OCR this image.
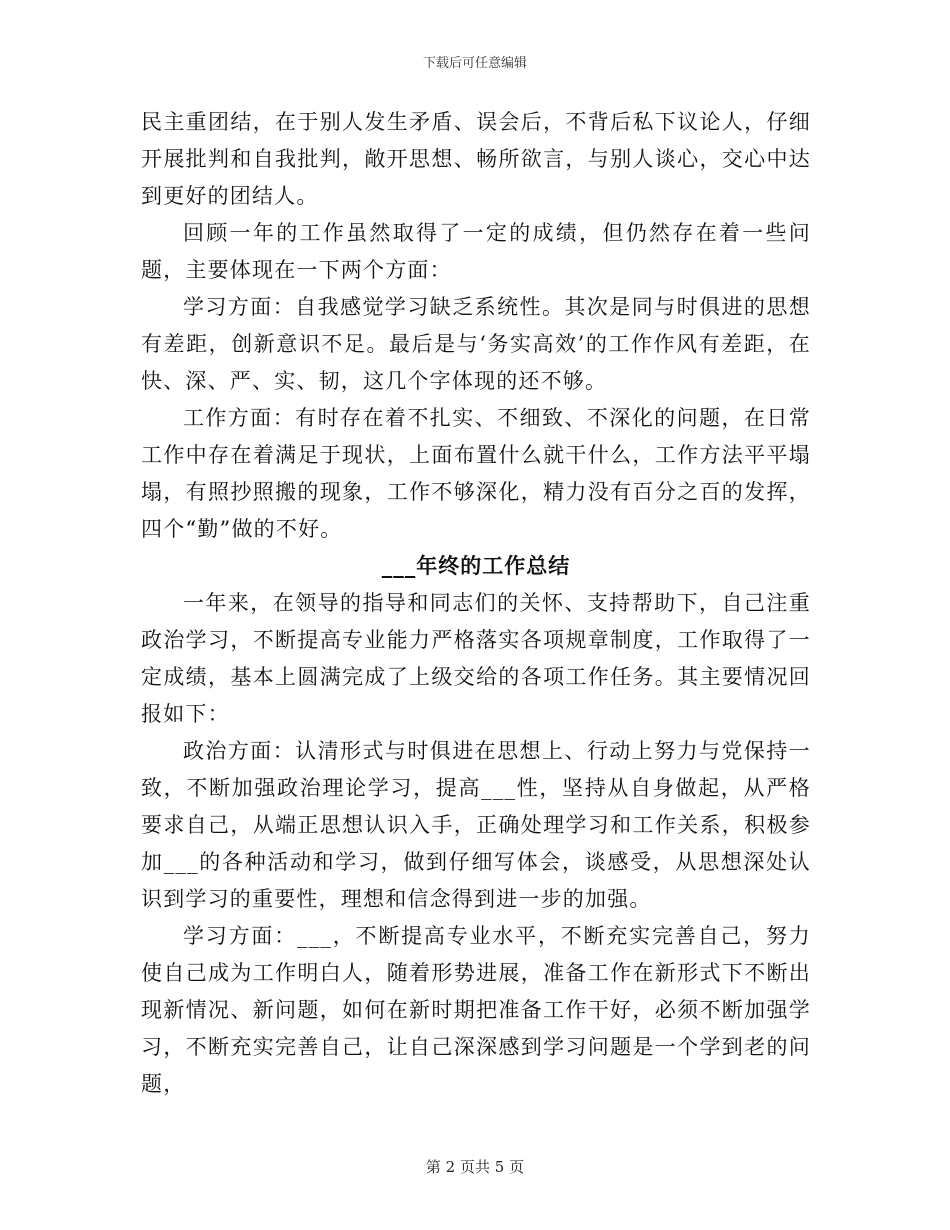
下载后可任意编辑

民主重团结，在于别人发生矛盾、误会后，不背后私下议论人，仔细开展批判和自我批判，敞开思想、畅所欲言，与别人谈心，交心中达到更好的团结人。

回顾一年的工作虽然取得了一定的成绩，但仍然存在着一些问题，主要体现在一下两个方面：

学习方面：自我感觉学习缺乏系统性。其次是同与时俱进的思想有差距，创新意识不足。最后是与‘务实高效’的工作作风有差距，在快、深、严、实、韧，这几个字体现的还不够。

工作方面：有时存在着不扎实、不细致、不深化的问题，在日常工作中存在着满足于现状，上面布置什么就干什么，工作方法平平塌塌，有照抄照搬的现象，工作不够深化，精力没有百分之百的发挥，四个“勤”做的不好。

___年终的工作总结

一年来，在领导的指导和同志们的关怀、支持帮助下，自己注重政治学习，不断提高专业能力严格落实各项规章制度，工作取得了一定成绩，基本上圆满完成了上级交给的各项工作任务。其主要情况回报如下：

政治方面：认清形式与时俱进在思想上、行动上努力与党保持一致，不断加强政治理论学习，提高___性，坚持从自身做起，从严格要求自己，从端正思想认识入手，正确处理学习和工作关系，积极参加___的各种活动和学习，做到仔细写体会，谈感受，从思想深处认识到学习的重要性，理想和信念得到进一步的加强。

学习方面：___，不断提高专业水平，不断充实完善自己，努力使自己成为工作明白人，随着形势进展，准备工作在新形式下不断出现新情况、新问题，如何在新时期把准备工作干好，必须不断加强学习，不断充实完善自己，让自己深深感到学习问题是一个学到老的问题，

第 2 页共 5 页
